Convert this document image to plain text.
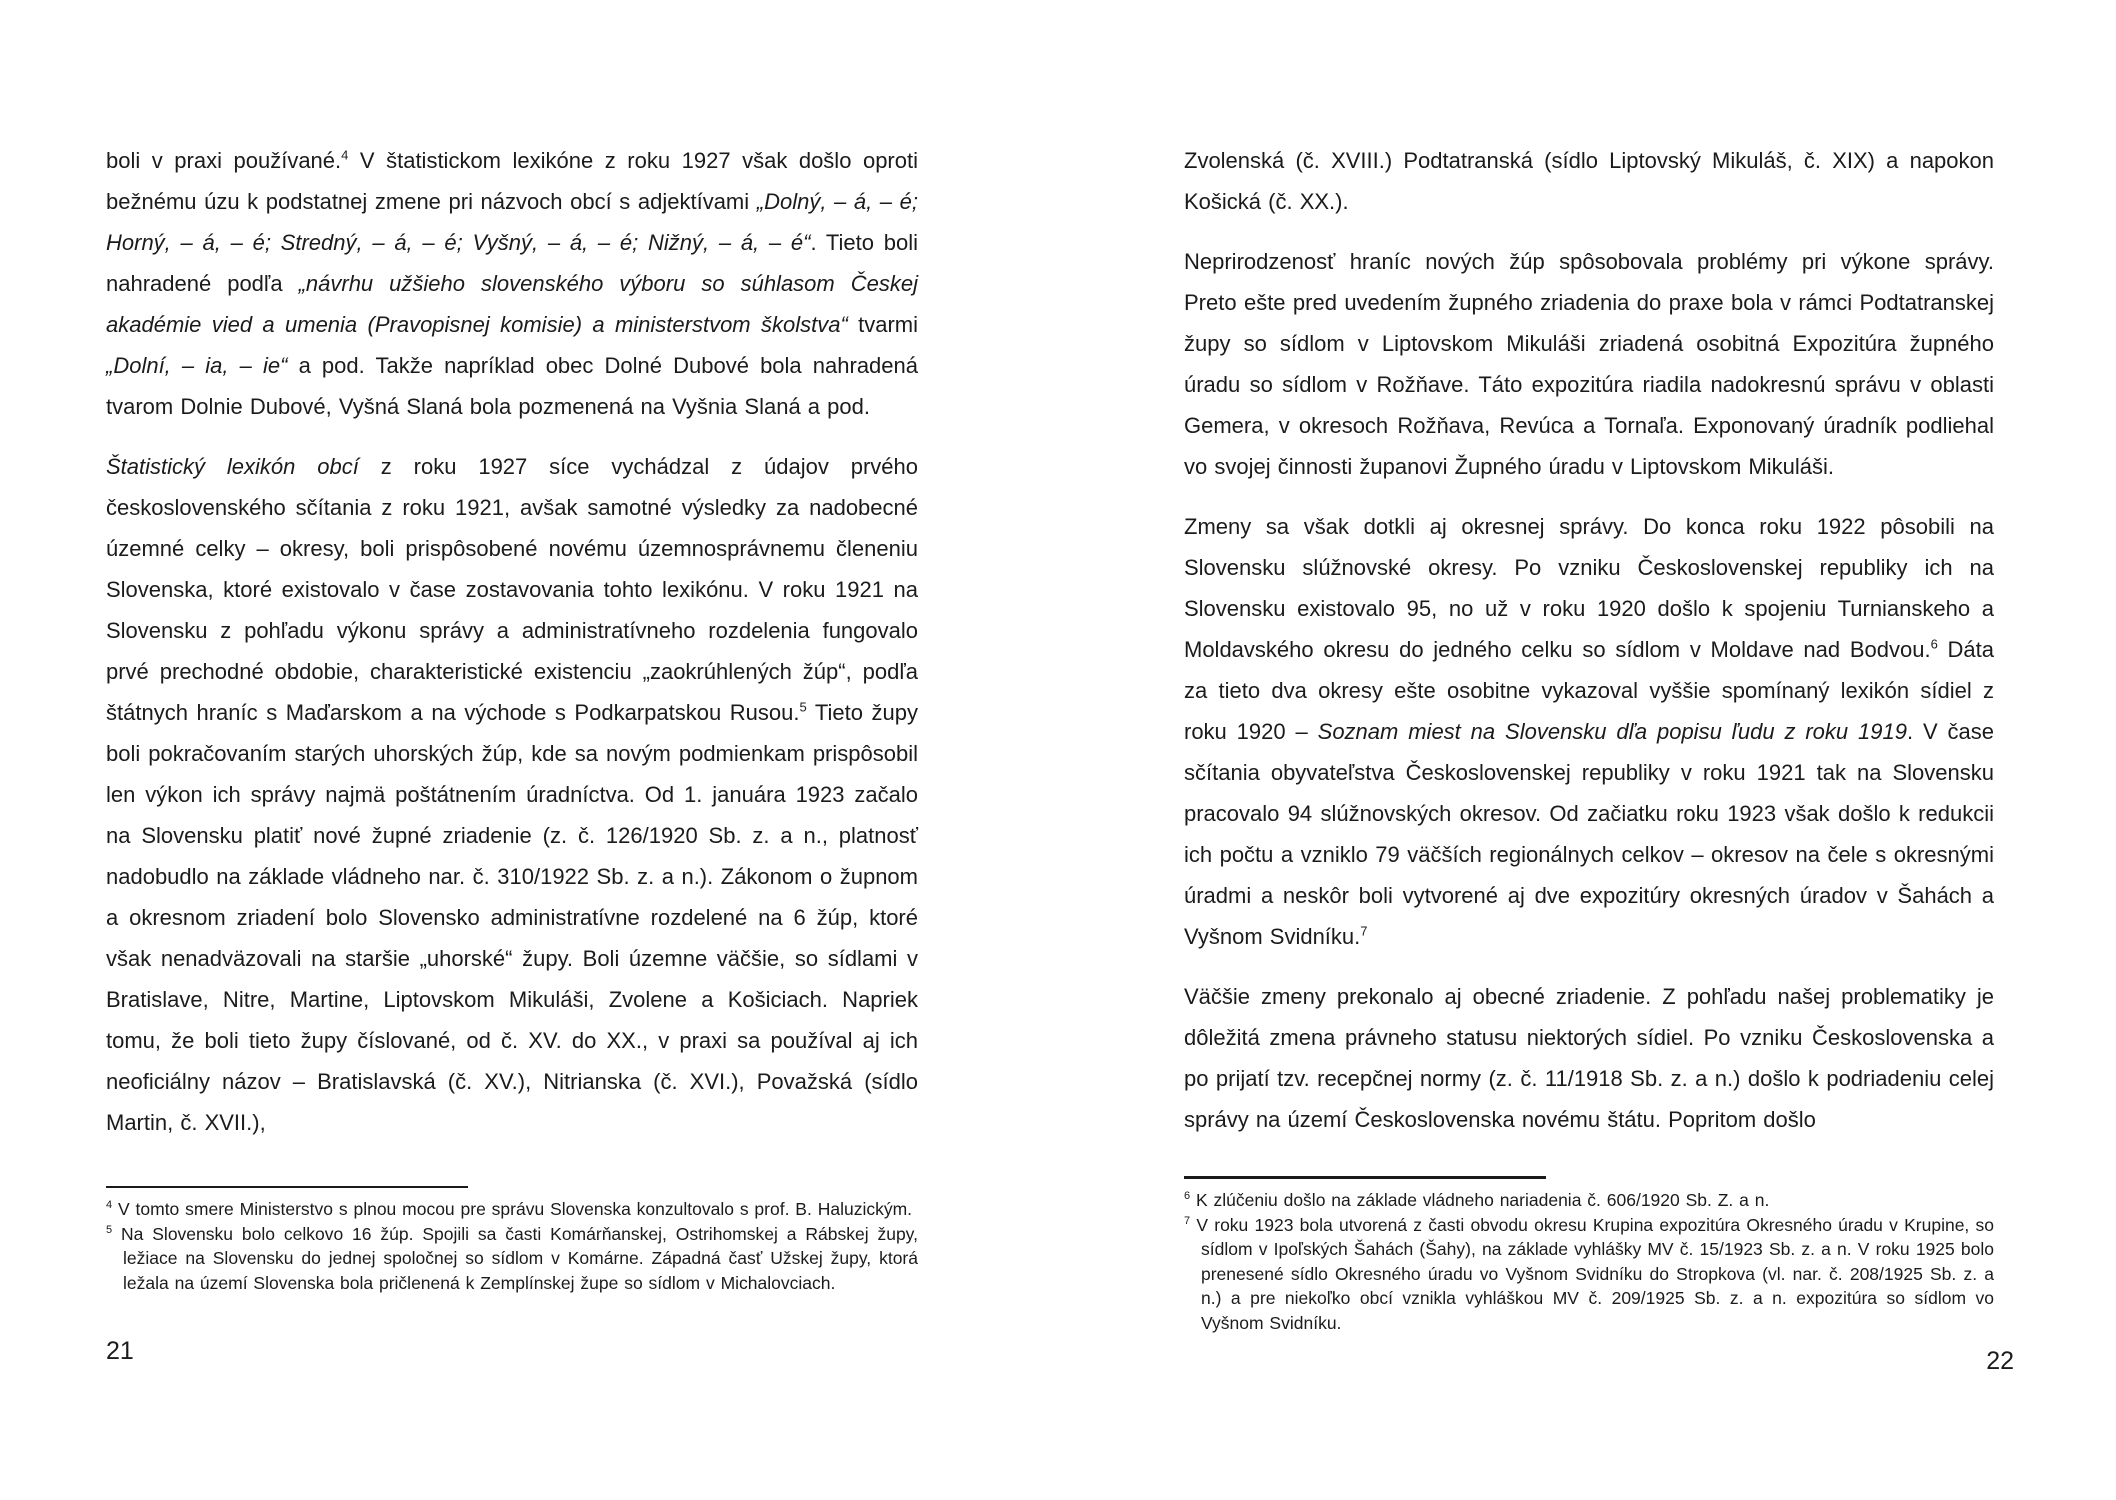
boli v praxi používané.$^4$ V štatistickom lexikóne z roku 1927 však došlo oproti bežnému úzu k podstatnej zmene pri názvoch obcí s adjektívami „Dolný, – á, – é; Horný, – á, – é; Stredný, – á, – é; Vyšný, – á, – é; Nižný, – á, – é“. Tieto boli nahradené podľa „návrhu užšieho slovenského výboru so súhlasom Českej akadémie vied a umenia (Pravopisnej komisie) a ministerstvom školstva“ tvarmi „Dolní, – ia, – ie“ a pod. Takže napríklad obec Dolné Dubové bola nahradená tvarom Dolnie Dubové, Vyšná Slaná bola pozmenená na Vyšnia Slaná a pod.

Štatistický lexikón obcí z roku 1927 síce vychádzal z údajov prvého československého sčítania z roku 1921, avšak samotné výsledky za nadobecné územné celky – okresy, boli prispôsobené novému územnosprávnemu členeniu Slovenska, ktoré existovalo v čase zostavovania tohto lexikónu. V roku 1921 na Slovensku z pohľadu výkonu správy a administratívneho rozdelenia fungovalo prvé prechodné obdobie, charakteristické existenciu „zaokrúhlených žúp“, podľa štátnych hraníc s Maďarskom a na východe s Podkarpatskou Rusou.$^5$ Tieto župy boli pokračovaním starých uhorských žúp, kde sa novým podmienkam prispôsobil len výkon ich správy najmä poštátnením úradníctva. Od 1. januára 1923 začalo na Slovensku platiť nové župné zriadenie (z. č. 126/1920 Sb. z. a n., platnosť nadobudlo na základe vládneho nar. č. 310/1922 Sb. z. a n.). Zákonom o župnom a okresnom zriadení bolo Slovensko administratívne rozdelené na 6 žúp, ktoré však nenadväzovali na staršie „uhorské“ župy. Boli územne väčšie, so sídlami v Bratislave, Nitre, Martine, Liptovskom Mikuláši, Zvolene a Košiciach. Napriek tomu, že boli tieto župy číslované, od č. XV. do XX., v praxi sa používal aj ich neoficiálny názov – Bratislavská (č. XV.), Nitrianska (č. XVI.), Považská (sídlo Martin, č. XVII.),

$^4$ V tomto smere Ministerstvo s plnou mocou pre správu Slovenska konzultovalo s prof. B. Haluzickým.
$^5$ Na Slovensku bolo celkovo 16 žúp. Spojili sa časti Komárňanskej, Ostrihomskej a Rábskej župy, ležiace na Slovensku do jednej spoločnej so sídlom v Komárne. Západná časť Užskej župy, ktorá ležala na území Slovenska bola pričlenená k Zemplínskej župe so sídlom v Michalovciach.
21

Zvolenská (č. XVIII.) Podtatranská (sídlo Liptovský Mikuláš, č. XIX) a napokon Košická (č. XX.).

Neprirodzenosť hraníc nových žúp spôsobovala problémy pri výkone správy. Preto ešte pred uvedením župného zriadenia do praxe bola v rámci Podtatranskej župy so sídlom v Liptovskom Mikuláši zriadená osobitná Expozitúra župného úradu so sídlom v Rožňave. Táto expozitúra riadila nadokresnú správu v oblasti Gemera, v okresoch Rožňava, Revúca a Tornaľa. Exponovaný úradník podliehal vo svojej činnosti županovi Župného úradu v Liptovskom Mikuláši.

Zmeny sa však dotkli aj okresnej správy. Do konca roku 1922 pôsobili na Slovensku slúžnovské okresy. Po vzniku Československej republiky ich na Slovensku existovalo 95, no už v roku 1920 došlo k spojeniu Turnianskeho a Moldavského okresu do jedného celku so sídlom v Moldave nad Bodvou.$^6$ Dáta za tieto dva okresy ešte osobitne vykazoval vyššie spomínaný lexikón sídiel z roku 1920 – Soznam miest na Slovensku dľa popisu ľudu z roku 1919. V čase sčítania obyvateľstva Československej republiky v roku 1921 tak na Slovensku pracovalo 94 slúžnovských okresov. Od začiatku roku 1923 však došlo k redukcii ich počtu a vzniklo 79 väčších regionálnych celkov – okresov na čele s okresnými úradmi a neskôr boli vytvorené aj dve expozitúry okresných úradov v Šahách a Vyšnom Svidníku.$^7$

Väčšie zmeny prekonalo aj obecné zriadenie. Z pohľadu našej problematiky je dôležitá zmena právneho statusu niektorých sídiel. Po vzniku Československa a po prijatí tzv. recepčnej normy (z. č. 11/1918 Sb. z. a n.) došlo k podriadeniu celej správy na území Československa novému štátu. Popritom došlo

$^6$ K zlúčeniu došlo na základe vládneho nariadenia č. 606/1920 Sb. Z. a n.
$^7$ V roku 1923 bola utvorená z časti obvodu okresu Krupina expozitúra Okresného úradu v Krupine, so sídlom v Ipoľských Šahách (Šahy), na základe vyhlášky MV č. 15/1923 Sb. z. a n. V roku 1925 bolo prenesené sídlo Okresného úradu vo Vyšnom Svidníku do Stropkova (vl. nar. č. 208/1925 Sb. z. a n.) a pre niekoľko obcí vznikla vyhláškou MV č. 209/1925 Sb. z. a n. expozitúra so sídlom vo Vyšnom Svidníku.
22
